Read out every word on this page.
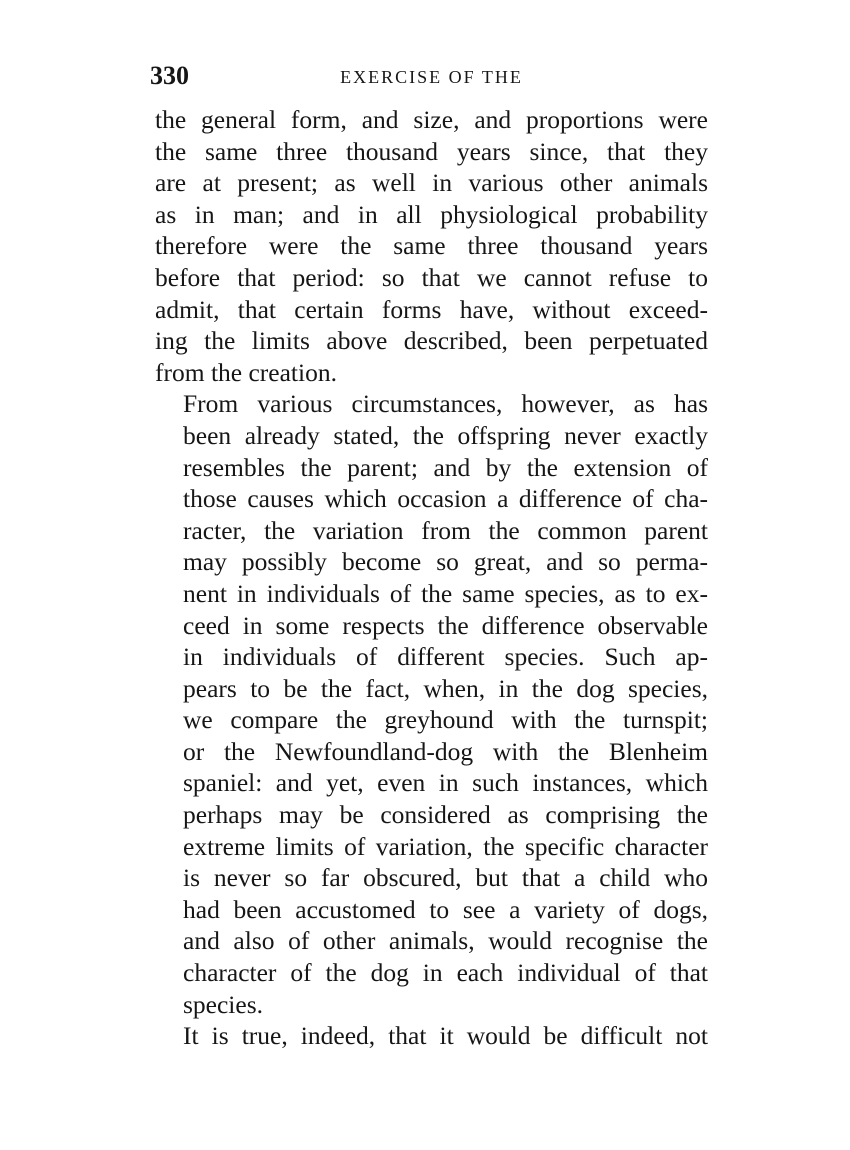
330	EXERCISE OF THE

the general form, and size, and proportions were
the same three thousand years since, that they
are at present; as well in various other animals
as in man; and in all physiological probability
therefore were the same three thousand years
before that period: so that we cannot refuse to
admit, that certain forms have, without exceed-
ing the limits above described, been perpetuated
from the creation.

From various circumstances, however, as has
been already stated, the offspring never exactly
resembles the parent; and by the extension of
those causes which occasion a difference of cha-
racter, the variation from the common parent
may possibly become so great, and so perma-
nent in individuals of the same species, as to ex-
ceed in some respects the difference observable
in individuals of different species. Such ap-
pears to be the fact, when, in the dog species,
we compare the greyhound with the turnspit;
or the Newfoundland-dog with the Blenheim
spaniel: and yet, even in such instances, which
perhaps may be considered as comprising the
extreme limits of variation, the specific character
is never so far obscured, but that a child who
had been accustomed to see a variety of dogs,
and also of other animals, would recognise the
character of the dog in each individual of that
species.

It is true, indeed, that it would be difficult not
